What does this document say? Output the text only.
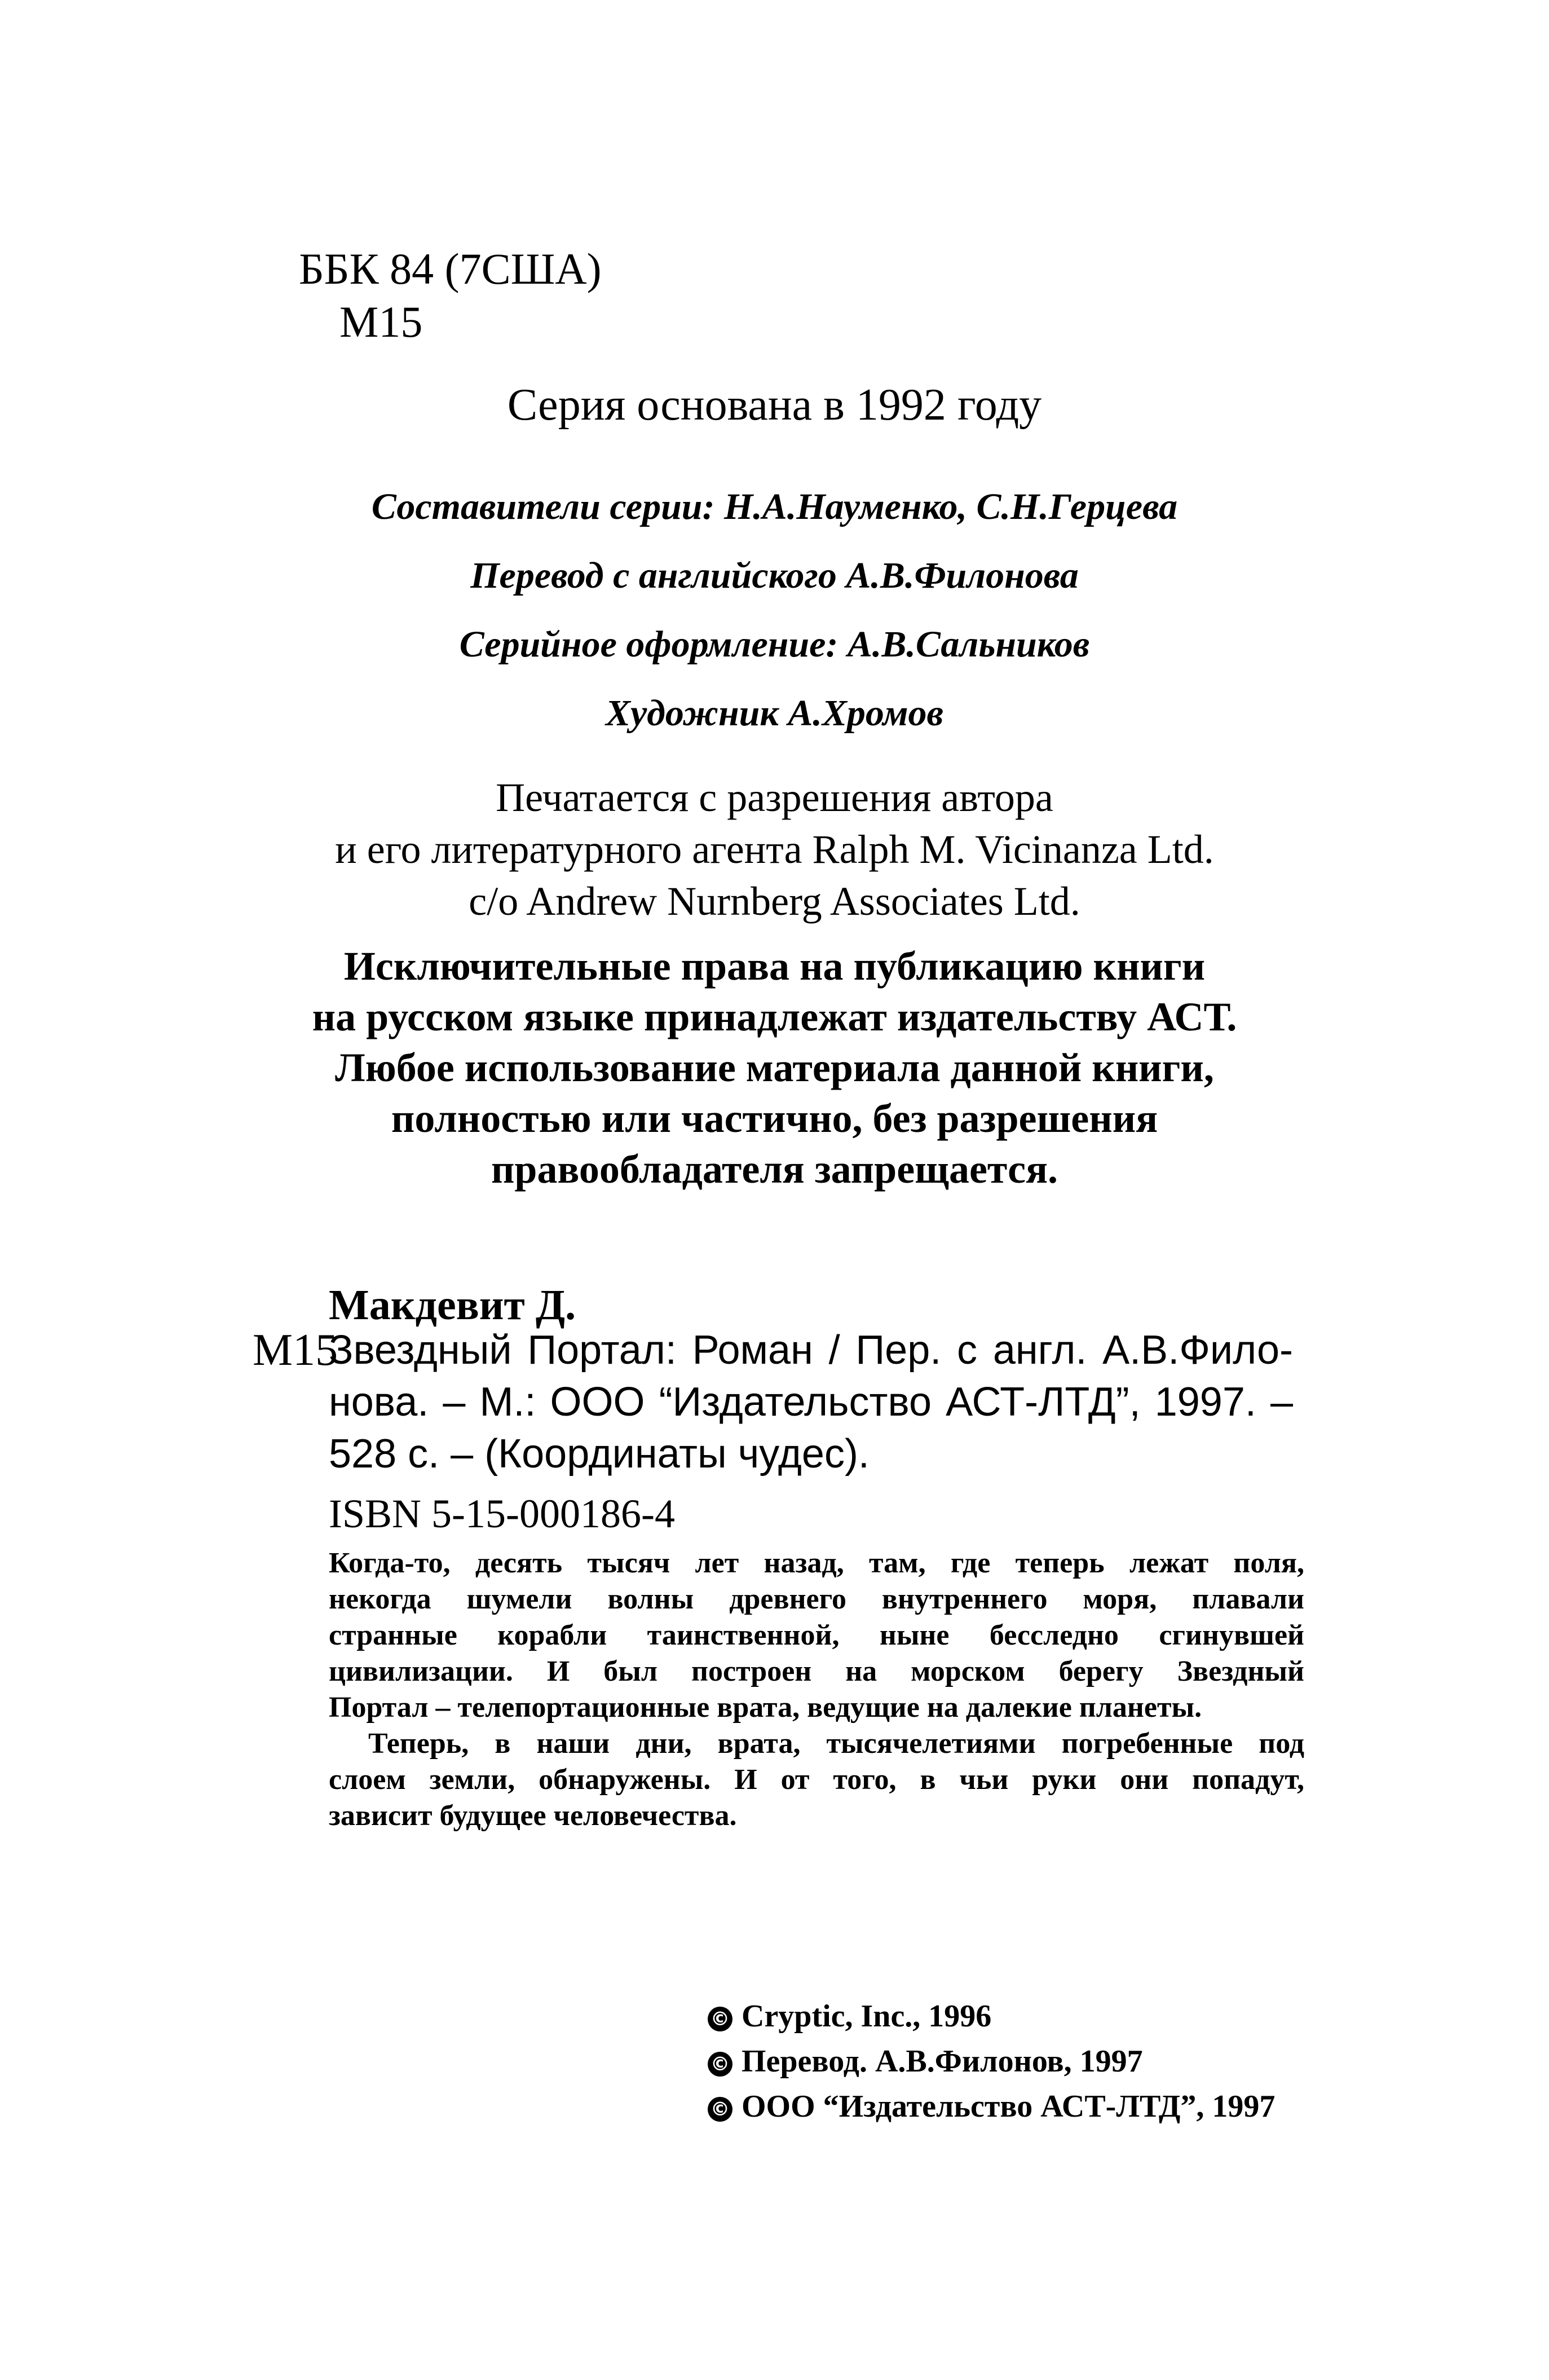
ББК 84 (7США)
М15
Серия основана в 1992 году

Составители серии: Н.А.Науменко, С.Н.Герцева

Перевод с английского А.В.Филонова

Серийное оформление: А.В.Сальников

Художник А.Хромов

Печатается с разрешения автора
и его литературного агента Ralph M. Vicinanza Ltd.
c/o Andrew Nurnberg Associates Ltd.
Исключительные права на публикацию книги
на русском языке принадлежат издательству АСТ.
Любое использование материала данной книги,
полностью или частично, без разрешения
правообладателя запрещается.
Макдевит Д.
М15
Звездный Портал: Роман / Пер. с англ. А.В.Фило-
нова. – М.: ООО “Издательство АСТ-ЛТД”, 1997. –
528 с. – (Координаты чудес).
ISBN 5-15-000186-4
Когда-то, десять тысяч лет назад, там, где теперь лежат поля,
некогда шумели волны древнего внутреннего моря, плавали
странные корабли таинственной, ныне бесследно сгинувшей
цивилизации. И был построен на морском берегу Звездный
Портал – телепортационные врата, ведущие на далекие планеты.
Теперь, в наши дни, врата, тысячелетиями погребенные под
слоем земли, обнаружены. И от того, в чьи руки они попадут,
зависит будущее человечества.
© Cryptic, Inc., 1996
© Перевод. А.В.Филонов, 1997
© ООО “Издательство АСТ-ЛТД”, 1997
